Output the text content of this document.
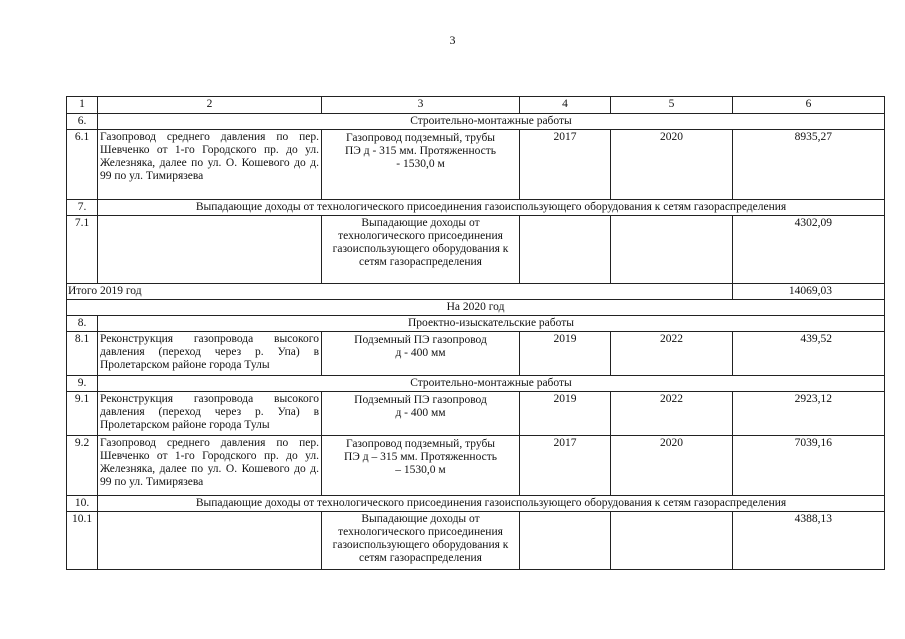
3
1	2	3	4	5	6
6.	Строительно-монтажные работы				
6.1	Газопровод среднего давления по пер. Шевченко от 1-го Городского пр. до ул. Железняка, далее по ул. О. Кошевого до д. 99 по ул. Тимирязева	Газопровод подземный, трубы ПЭ д - 315 мм. Протяженность - 1530,0 м	2017	2020	8935,27
7.	Выпадающие доходы от технологического присоединения газоиспользующего оборудования к сетям газораспределения				
7.1		Выпадающие доходы от технологического присоединения газоиспользующего оборудования к сетям газораспределения			4302,09
Итого 2019 год					14069,03
На 2020 год					
8.	Проектно-изыскательские работы				
8.1	Реконструкция газопровода высокого давления (переход через р. Упа) в Пролетарском районе города Тулы	Подземный ПЭ газопровод д - 400 мм	2019	2022	439,52
9.	Строительно-монтажные работы				
9.1	Реконструкция газопровода высокого давления (переход через р. Упа) в Пролетарском районе города Тулы	Подземный ПЭ газопровод д - 400 мм	2019	2022	2923,12
9.2	Газопровод среднего давления по пер. Шевченко от 1-го Городского пр. до ул. Железняка, далее по ул. О. Кошевого до д. 99 по ул. Тимирязева	Газопровод подземный, трубы ПЭ д – 315 мм. Протяженность – 1530,0 м	2017	2020	7039,16
10.	Выпадающие доходы от технологического присоединения газоиспользующего оборудования к сетям газораспределения				
10.1		Выпадающие доходы от технологического присоединения газоиспользующего оборудования к сетям газораспределения			4388,13
